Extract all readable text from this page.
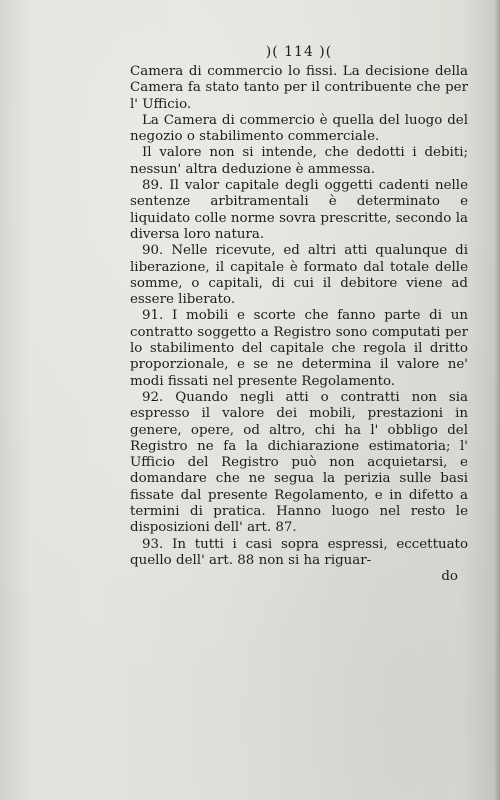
)( 114 )(

Camera di commercio lo fissi. La decisione della Camera fa stato tanto per il contribuente che per l' Ufficio.

La Camera di commercio è quella del luogo del negozio o stabilimento commerciale.

Il valore non si intende, che dedotti i debiti; nessun' altra deduzione è ammessa.

89. Il valor capitale degli oggetti cadenti nelle sentenze arbitramentali è determinato e liquidato colle norme sovra prescritte, secondo la diversa loro natura.

90. Nelle ricevute, ed altri atti qualunque di liberazione, il capitale è formato dal totale delle somme, o capitali, di cui il debitore viene ad essere liberato.

91. I mobili e scorte che fanno parte di un contratto soggetto a Registro sono computati per lo stabilimento del capitale che regola il dritto proporzionale, e se ne determina il valore ne' modi fissati nel presente Regolamento.

92. Quando negli atti o contratti non sia espresso il valore dei mobili, prestazioni in genere, opere, od altro, chi ha l' obbligo del Registro ne fa la dichiarazione estimatoria; l' Ufficio del Registro può non acquietarsi, e domandare che ne segua la perizia sulle basi fissate dal presente Regolamento, e in difetto a termini di pratica. Hanno luogo nel resto le disposizioni dell' art. 87.

93. In tutti i casi sopra espressi, eccettuato quello dell' art. 88 non si ha riguar-

do
